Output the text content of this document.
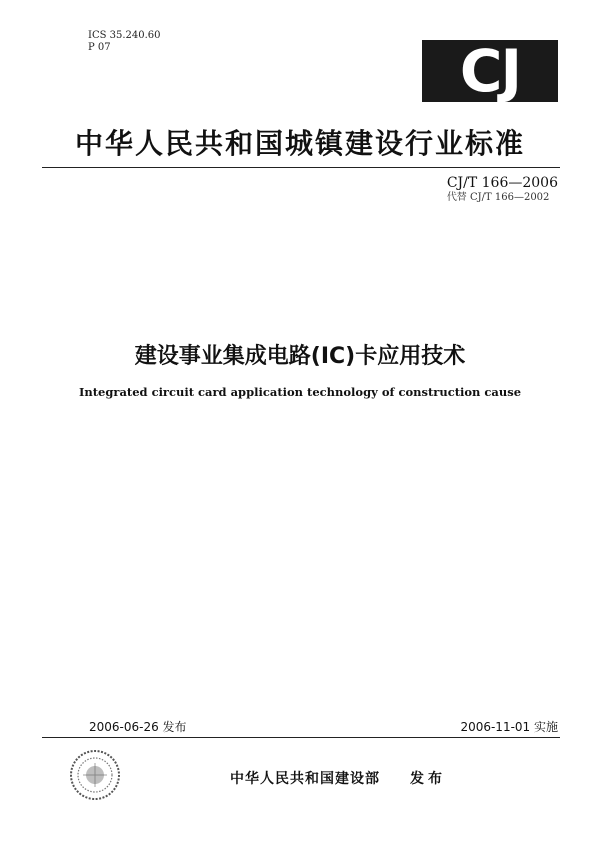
ICS 35.240.60
P 07	CJ
中华人民共和国城镇建设行业标准
CJ/T 166—2006
代替 CJ/T 166—2002
建设事业集成电路(IC)卡应用技术
Integrated circuit card application technology of construction cause
2006-06-26 发布	2006-11-01 实施
中华人民共和国建设部 发布
